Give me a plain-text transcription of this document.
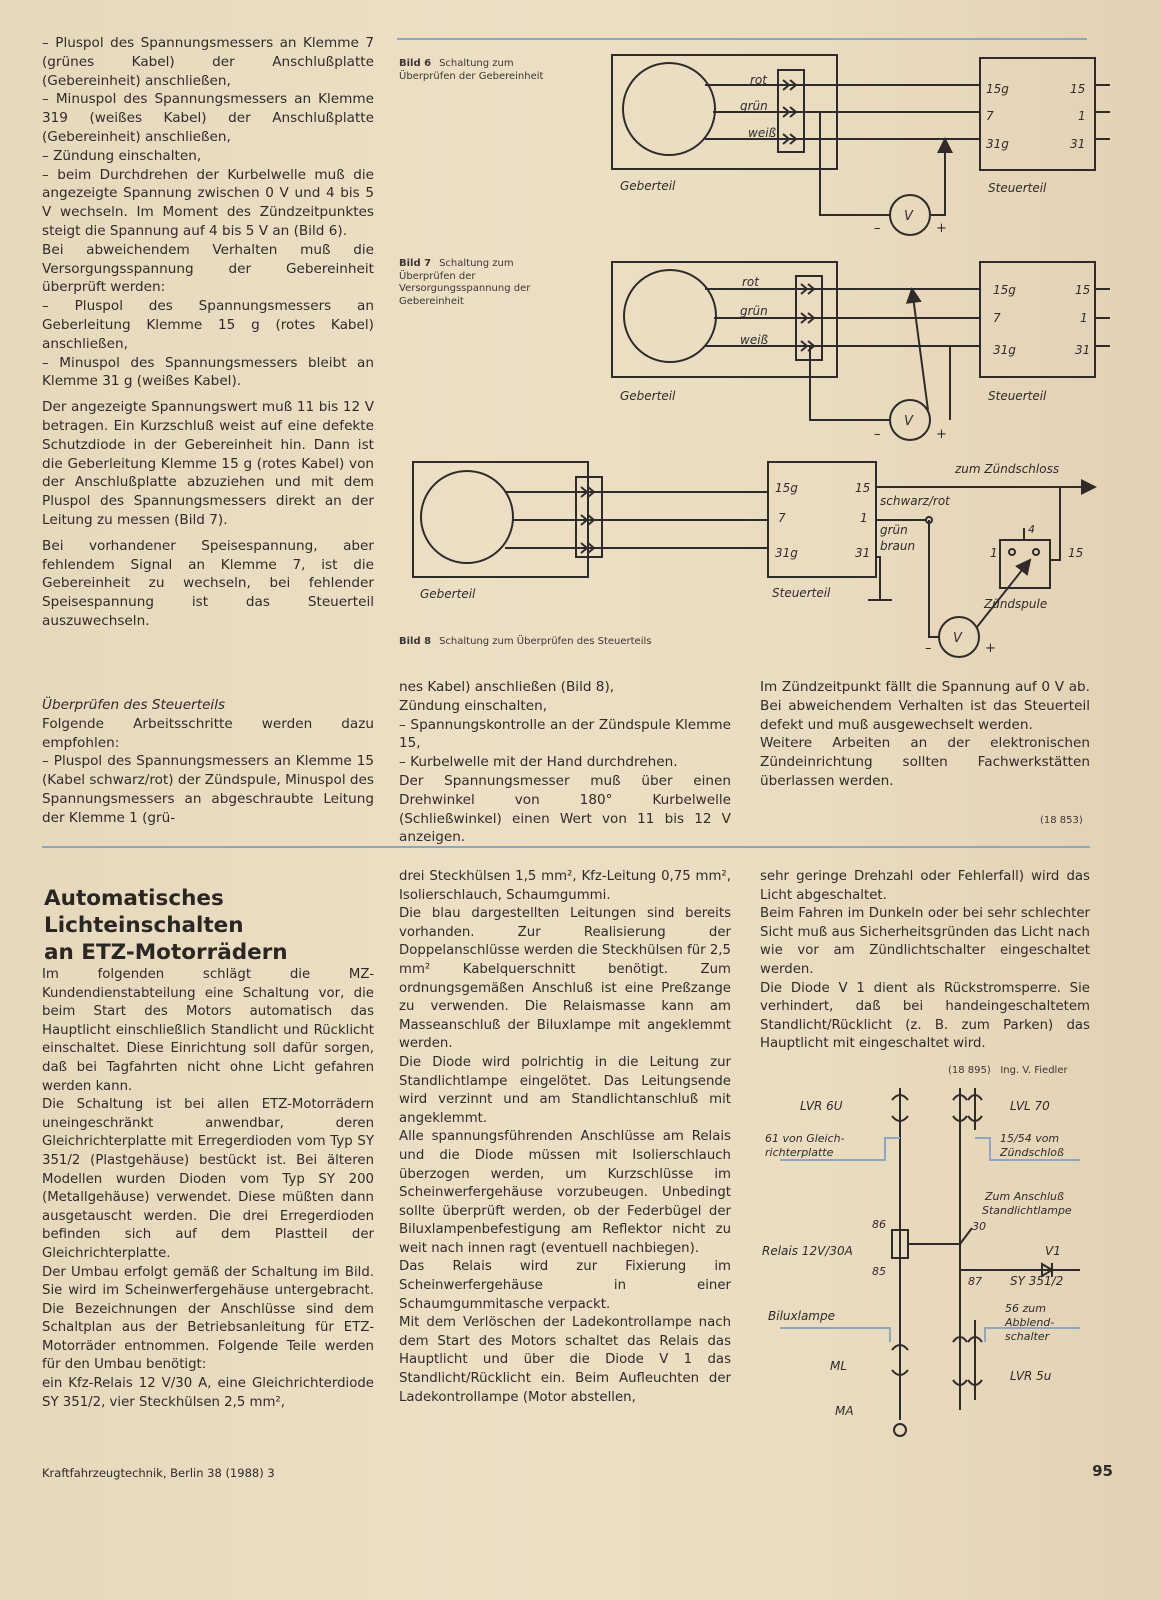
– Pluspol des Spannungsmessers an Klemme 7 (grünes Kabel) der Anschlußplatte (Gebereinheit) anschließen,

– Minuspol des Spannungsmessers an Klemme 319 (weißes Kabel) der Anschlußplatte (Gebereinheit) anschließen,

– Zündung einschalten,

– beim Durchdrehen der Kurbelwelle muß die angezeigte Spannung zwischen 0 V und 4 bis 5 V wechseln. Im Moment des Zündzeitpunktes steigt die Spannung auf 4 bis 5 V an (Bild 6).

Bei abweichendem Verhalten muß die Versorgungsspannung der Gebereinheit überprüft werden:

– Pluspol des Spannungsmessers an Geberleitung Klemme 15 g (rotes Kabel) anschließen,

– Minuspol des Spannungsmessers bleibt an Klemme 31 g (weißes Kabel).

Der angezeigte Spannungswert muß 11 bis 12 V betragen. Ein Kurzschluß weist auf eine defekte Schutzdiode in der Gebereinheit hin. Dann ist die Geberleitung Klemme 15 g (rotes Kabel) von der Anschlußplatte abzuziehen und mit dem Pluspol des Spannungsmessers direkt an der Leitung zu messen (Bild 7).

Bei vorhandener Speisespannung, aber fehlendem Signal an Klemme 7, ist die Gebereinheit zu wechseln, bei fehlender Speisespannung ist das Steuerteil auszuwechseln.

Bild 6 Schaltung zum Überprüfen der Gebereinheit
Bild 7 Schaltung zum Überprüfen der Versorgungsspannung der Gebereinheit
Bild 8 Schaltung zum Überprüfen des Steuerteils
rot
grün
weiß
Geberteil	Steuerteil
15g
7
31g
15
1
31
V
–	+
rot
grün
weiß
Geberteil	Steuerteil
15g
7
31g
15
1
31
V
–	+
Geberteil	Steuerteil
15g
7
31g
15
1
31
zum Zündschloss
schwarz/rot
grün
braun
Zündspule
4
1	15
V
–	+

Überprüfen des Steuerteils

Folgende Arbeitsschritte werden dazu empfohlen:

– Pluspol des Spannungsmessers an Klemme 15 (Kabel schwarz/rot) der Zündspule, Minuspol des Spannungsmessers an abgeschraubte Leitung der Klemme 1 (grü-

nes Kabel) anschließen (Bild 8),

Zündung einschalten,

– Spannungskontrolle an der Zündspule Klemme 15,

– Kurbelwelle mit der Hand durchdrehen.

Der Spannungsmesser muß über einen Drehwinkel von 180° Kurbelwelle (Schließwinkel) einen Wert von 11 bis 12 V anzeigen.

Im Zündzeitpunkt fällt die Spannung auf 0 V ab. Bei abweichendem Verhalten ist das Steuerteil defekt und muß ausgewechselt werden.

Weitere Arbeiten an der elektronischen Zündeinrichtung sollten Fachwerkstätten überlassen werden.

(18 853)
Automatisches
Lichteinschalten
an ETZ-Motorrädern

Im folgenden schlägt die MZ-Kundendienstabteilung eine Schaltung vor, die beim Start des Motors automatisch das Hauptlicht einschließlich Standlicht und Rücklicht einschaltet. Diese Einrichtung soll dafür sorgen, daß bei Tagfahrten nicht ohne Licht gefahren werden kann.

Die Schaltung ist bei allen ETZ-Motorrädern uneingeschränkt anwendbar, deren Gleichrichterplatte mit Erregerdioden vom Typ SY 351/2 (Plastgehäuse) bestückt ist. Bei älteren Modellen wurden Dioden vom Typ SY 200 (Metallgehäuse) verwendet. Diese müßten dann ausgetauscht werden. Die drei Erregerdioden befinden sich auf dem Plastteil der Gleichrichterplatte.

Der Umbau erfolgt gemäß der Schaltung im Bild. Sie wird im Scheinwerfergehäuse untergebracht. Die Bezeichnungen der Anschlüsse sind dem Schaltplan aus der Betriebsanleitung für ETZ-Motorräder entnommen. Folgende Teile werden für den Umbau benötigt:

ein Kfz-Relais 12 V/30 A, eine Gleichrichterdiode SY 351/2, vier Steckhülsen 2,5 mm²,

drei Steckhülsen 1,5 mm², Kfz-Leitung 0,75 mm², Isolierschlauch, Schaumgummi.

Die blau dargestellten Leitungen sind bereits vorhanden. Zur Realisierung der Doppelanschlüsse werden die Steckhülsen für 2,5 mm² Kabelquerschnitt benötigt. Zum ordnungsgemäßen Anschluß ist eine Preßzange zu verwenden. Die Relaismasse kann am Masseanschluß der Biluxlampe mit angeklemmt werden.

Die Diode wird polrichtig in die Leitung zur Standlichtlampe eingelötet. Das Leitungsende wird verzinnt und am Standlichtanschluß mit angeklemmt.

Alle spannungsführenden Anschlüsse am Relais und die Diode müssen mit Isolierschlauch überzogen werden, um Kurzschlüsse im Scheinwerfergehäuse vorzubeugen. Unbedingt sollte überprüft werden, ob der Federbügel der Biluxlampenbefestigung am Reflektor nicht zu weit nach innen ragt (eventuell nachbiegen).

Das Relais wird zur Fixierung im Scheinwerfergehäuse in einer Schaumgummitasche verpackt.

Mit dem Verlöschen der Ladekontrollampe nach dem Start des Motors schaltet das Relais das Hauptlicht und über die Diode V 1 das Standlicht/Rücklicht ein. Beim Aufleuchten der Ladekontrollampe (Motor abstellen,

sehr geringe Drehzahl oder Fehlerfall) wird das Licht abgeschaltet.

Beim Fahren im Dunkeln oder bei sehr schlechter Sicht muß aus Sicherheitsgründen das Licht nach wie vor am Zündlichtschalter eingeschaltet werden.

Die Diode V 1 dient als Rückstromsperre. Sie verhindert, daß bei handeingeschaltetem Standlicht/Rücklicht (z. B. zum Parken) das Hauptlicht mit eingeschaltet wird.

(18 895) Ing. V. Fiedler
LVR 6U	LVL 70
61 von Gleich-
richterplatte
15/54 vom
Zündschloß
Zum Anschluß
Standlichtlampe
Relais 12V/30A
86
85
30
87
V1
SY 351/2
Biluxlampe
ML
MA
56 zum
Abblend-
schalter
LVR 5u
Kraftfahrzeugtechnik, Berlin 38 (1988) 3	95
